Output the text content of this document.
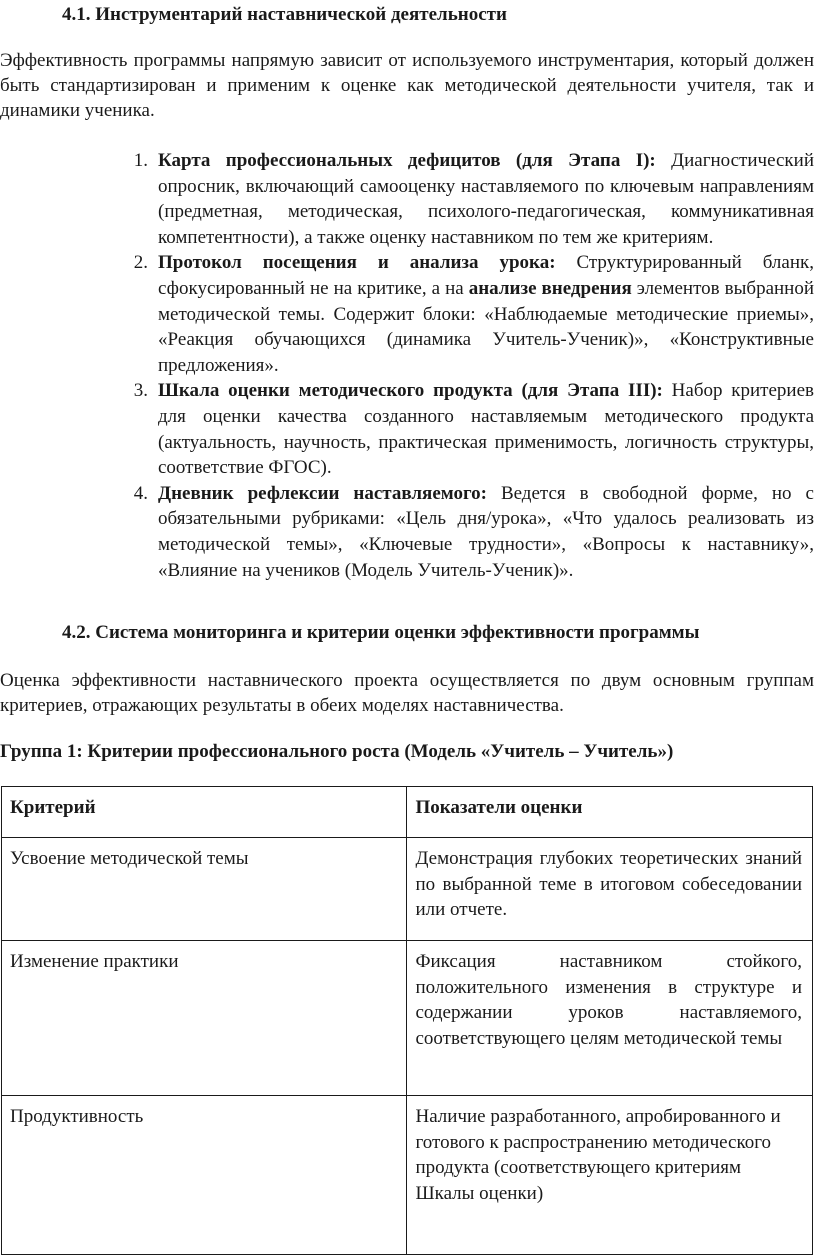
4.1. Инструментарий наставнической деятельности

Эффективность программы напрямую зависит от используемого инструментария, который должен быть стандартизирован и применим к оценке как методической деятельности учителя, так и динамики ученика.

1. Карта профессиональных дефицитов (для Этапа I): Диагностический опросник, включающий самооценку наставляемого по ключевым направлениям (предметная, методическая, психолого-педагогическая, коммуникативная компетентности), а также оценку наставником по тем же критериям.
2. Протокол посещения и анализа урока: Структурированный бланк, сфокусированный не на критике, а на анализе внедрения элементов выбранной методической темы. Содержит блоки: «Наблюдаемые методические приемы», «Реакция обучающихся (динамика Учитель-Ученик)», «Конструктивные предложения».
3. Шкала оценки методического продукта (для Этапа III): Набор критериев для оценки качества созданного наставляемым методического продукта (актуальность, научность, практическая применимость, логичность структуры, соответствие ФГОС).
4. Дневник рефлексии наставляемого: Ведется в свободной форме, но с обязательными рубриками: «Цель дня/урока», «Что удалось реализовать из методической темы», «Ключевые трудности», «Вопросы к наставнику», «Влияние на учеников (Модель Учитель-Ученик)».
4.2. Система мониторинга и критерии оценки эффективности программы

Оценка эффективности наставнического проекта осуществляется по двум основным группам критериев, отражающих результаты в обеих моделях наставничества.

Группа 1: Критерии профессионального роста (Модель «Учитель – Учитель»)
Критерий	Показатели оценки
Усвоение методической темы	Демонстрация глубоких теоретических знаний по выбранной теме в итоговом собеседовании или отчете.
Изменение практики	Фиксация наставником стойкого, положительного изменения в структуре и содержании уроков наставляемого, соответствующего целям методической темы
Продуктивность	Наличие разработанного, апробированного и готового к распространению методического продукта (соответствующего критериям Шкалы оценки)
